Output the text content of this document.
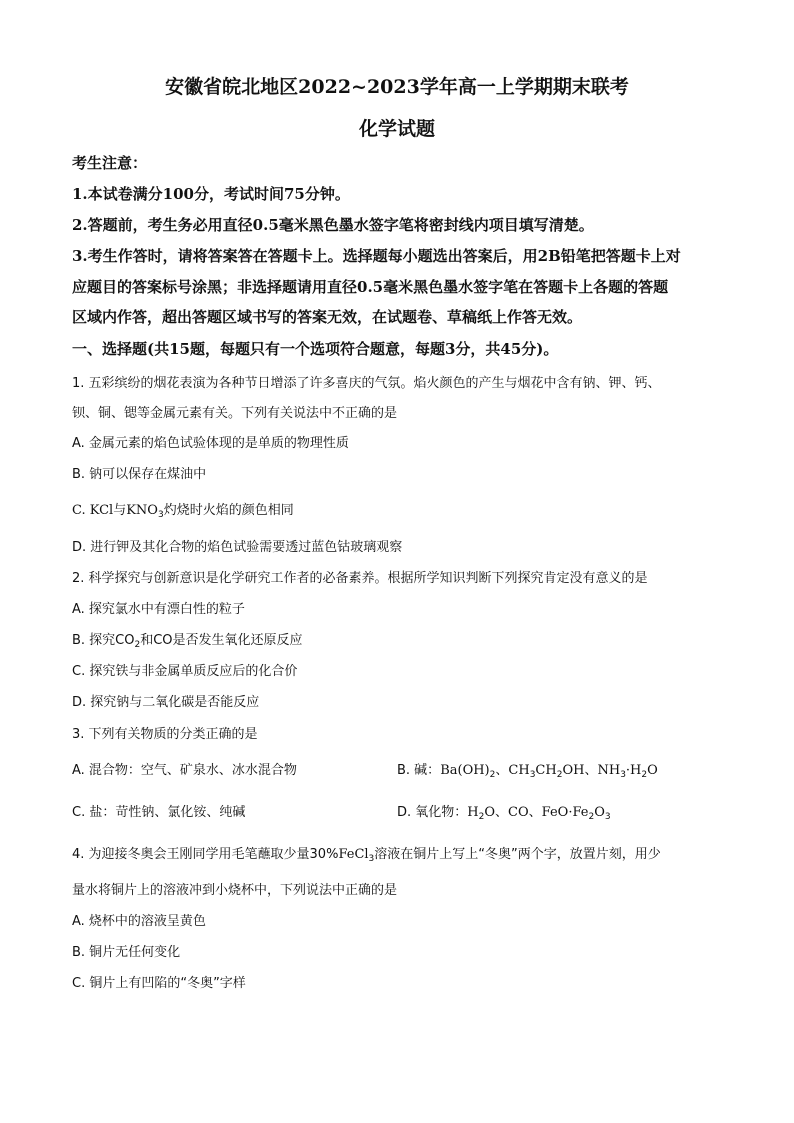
安徽省皖北地区2022~2023学年高一上学期期末联考
化学试题
考生注意：
1.本试卷满分100分，考试时间75分钟。
2.答题前，考生务必用直径0.5毫米黑色墨水签字笔将密封线内项目填写清楚。
3.考生作答时，请将答案答在答题卡上。选择题每小题选出答案后，用2B铅笔把答题卡上对
应题目的答案标号涂黑；非选择题请用直径0.5毫米黑色墨水签字笔在答题卡上各题的答题
区域内作答，超出答题区域书写的答案无效，在试题卷、草稿纸上作答无效。
一、选择题(共15题，每题只有一个选项符合题意，每题3分，共45分)。
1. 五彩缤纷的烟花表演为各种节日增添了许多喜庆的气氛。焰火颜色的产生与烟花中含有钠、钾、钙、
钡、铜、锶等金属元素有关。下列有关说法中不正确的是
A. 金属元素的焰色试验体现的是单质的物理性质
B. 钠可以保存在煤油中
C. KCl与$KNO_3$灼烧时火焰的颜色相同
D. 进行钾及其化合物的焰色试验需要透过蓝色钴玻璃观察
2. 科学探究与创新意识是化学研究工作者的必备素养。根据所学知识判断下列探究肯定没有意义的是
A. 探究氯水中有漂白性的粒子
B. 探究$CO_2$和CO是否发生氧化还原反应
C. 探究铁与非金属单质反应后的化合价
D. 探究钠与二氧化碳是否能反应
3. 下列有关物质的分类正确的是
A. 混合物：空气、矿泉水、冰水混合物	B. 碱：$Ba(OH)_2$、$CH_3CH_2OH$、$NH_3\cdot H_2O$
C. 盐：苛性钠、氯化铵、纯碱	D. 氧化物：$H_2O$、CO、$FeO\cdot Fe_2O_3$
4. 为迎接冬奥会王刚同学用毛笔蘸取少量30%FeCl$_3$溶液在铜片上写上“冬奥”两个字，放置片刻，用少
量水将铜片上的溶液冲到小烧杯中，下列说法中正确的是
A. 烧杯中的溶液呈黄色
B. 铜片无任何变化
C. 铜片上有凹陷的“冬奥”字样
